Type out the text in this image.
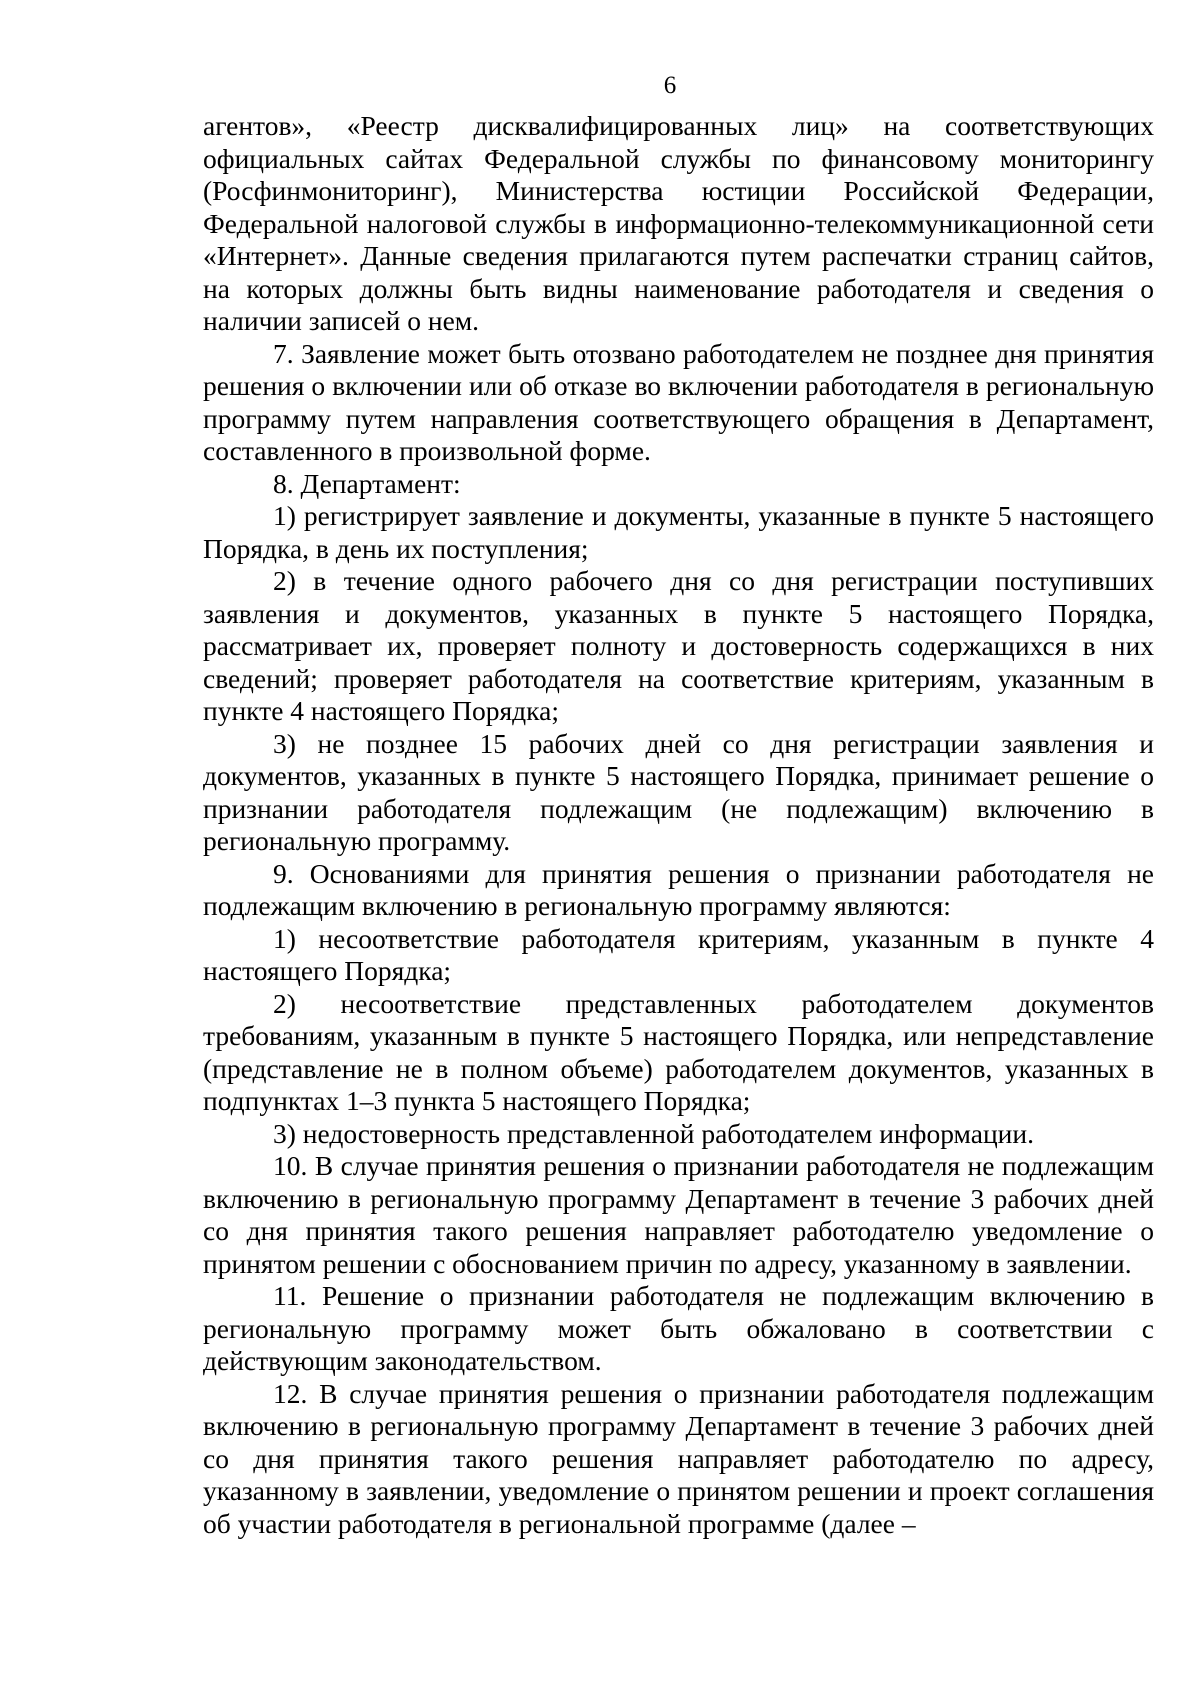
6

агентов», «Реестр дисквалифицированных лиц» на соответствующих официальных сайтах Федеральной службы по финансовому мониторингу (Росфинмониторинг), Министерства юстиции Российской Федерации, Федеральной налоговой службы в информационно-телекоммуникационной сети «Интернет». Данные сведения прилагаются путем распечатки страниц сайтов, на которых должны быть видны наименование работодателя и сведения о наличии записей о нем.

7. Заявление может быть отозвано работодателем не позднее дня принятия решения о включении или об отказе во включении работодателя в региональную программу путем направления соответствующего обращения в Департамент, составленного в произвольной форме.

8. Департамент:

1) регистрирует заявление и документы, указанные в пункте 5 настоящего Порядка, в день их поступления;

2) в течение одного рабочего дня со дня регистрации поступивших заявления и документов, указанных в пункте 5 настоящего Порядка, рассматривает их, проверяет полноту и достоверность содержащихся в них сведений; проверяет работодателя на соответствие критериям, указанным в пункте 4 настоящего Порядка;

3) не позднее 15 рабочих дней со дня регистрации заявления и документов, указанных в пункте 5 настоящего Порядка, принимает решение о признании работодателя подлежащим (не подлежащим) включению в региональную программу.

9. Основаниями для принятия решения о признании работодателя не подлежащим включению в региональную программу являются:

1) несоответствие работодателя критериям, указанным в пункте 4 настоящего Порядка;

2) несоответствие представленных работодателем документов требованиям, указанным в пункте 5 настоящего Порядка, или непредставление (представление не в полном объеме) работодателем документов, указанных в подпунктах 1–3 пункта 5 настоящего Порядка;

3) недостоверность представленной работодателем информации.

10. В случае принятия решения о признании работодателя не подлежащим включению в региональную программу Департамент в течение 3 рабочих дней со дня принятия такого решения направляет работодателю уведомление о принятом решении с обоснованием причин по адресу, указанному в заявлении.

11. Решение о признании работодателя не подлежащим включению в региональную программу может быть обжаловано в соответствии с действующим законодательством.

12. В случае принятия решения о признании работодателя подлежащим включению в региональную программу Департамент в течение 3 рабочих дней со дня принятия такого решения направляет работодателю по адресу, указанному в заявлении, уведомление о принятом решении и проект соглашения об участии работодателя в региональной программе (далее –
